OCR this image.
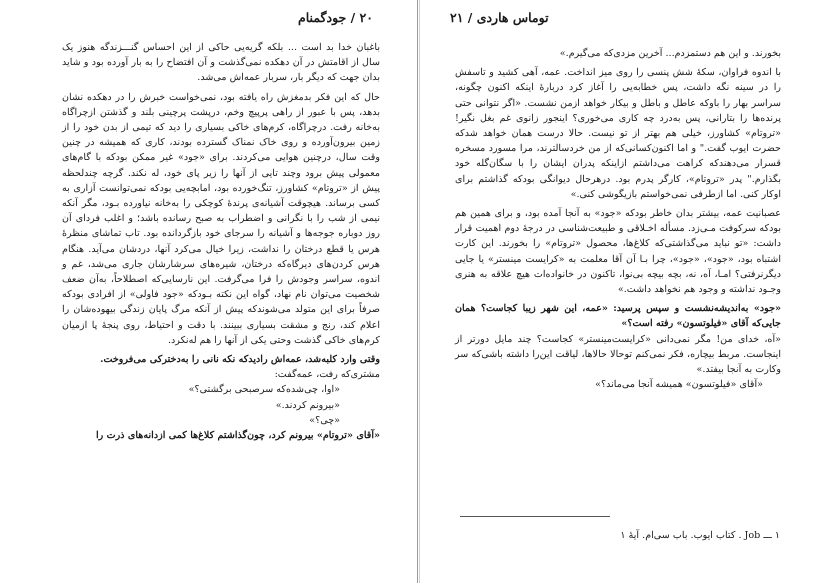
۲۰ / جودگمنام

باغبان خدا بد است ... بلکه گریه‌یی حاکی از این احساس گنـــزندگه هنوز یک سال از اقامتش در آن دهکده نمی‌گذشت و آن افتضاح را به بار آورده بود و شاید بدان جهت که دیگر بار، سربار عمه‌اش می‌شد.

حال که این فکر بدمغزش راه یافته بود، نمی‌خواست خبرش را در دهکده نشان بدهد، پس با عبور از راهی پرپیچ وخم، درپشت پرچینی بلند و گذشتن ازچراگاه به‌خانه رفت. درچراگاه، کرم‌های خاکی بسیاری را دید که تیمی از بدن خود را از زمین بیرون‌آورده و روی خاک نمناک گسترده بودند، کاری که همیشه در چنین وقت سال، درچنین هوایی می‌کردند. برای «جود» غیر ممکن بودکه با گام‌های معمولی پیش برود وچند تایی از آنها را زیر پای خود، له نکند. گرچه چندلحظه پیش از «تروتام» کشاورز، تنگ‌خورده بود، امابچه‌یی بودکه نمی‌توانست آزاری به کسی برساند. هیچوقت آشیانه‌ی پرندهٔ کوچکی را به‌خانه نیاورده بـود، مگر آنکه نیمی از شب را با نگرانی و اضطراب به صبح رسانده باشد؛ و اغلب فردای آن روز دوباره جوجه‌ها و آشیانه را سرجای خود بازگردانده بود. تاب تماشای منظرهٔ هرس یا قطع درختان را نداشت، زیرا خیال می‌کرد آنها، دردشان می‌آید. هنگام هرس کردن‌های دیرگاه‌که درختان، شیره‌های سرشارشان جاری می‌شد، غم و اندوه، سراسر وجودش را فرا می‌گرفت. این نارسایی‌که اصطلاحاً، به‌آن ضعف شخصیت می‌توان نام نهاد، گواه این نکته بـودکه «جود فاولی» از افرادی بودکه صرفاً برای این متولد می‌شوندکه پیش از آنکه مرگ پایان زندگی بیهوده‌شان را اعلام کند، رنج و مشقت بسیاری ببینند. با دقت و احتیاط، روی پنجهٔ پا ازمیان کرم‌های خاکی گذشت وحتی یکی از آنها را هم لەنکرد.

وقتی وارد کلبه‌شد، عمه‌اش رادیدکه نکه نانی را به‌دخترکی می‌فروخت.

مشتری‌که رفت، عمه‌گفت:

«اوا، چی‌شده‌که سرصبحی برگشتی؟»

«بیرونم کردند.»

«چی؟»

«آقای «تروتام» بیرونم کرد، چون‌گذاشتم کلاغ‌ها کمی ازدانه‌های ذرت را

توماس هاردی / ۲۱

بخورند. و این هم دستمزدم... آخرین مزدی‌که می‌گیرم.»

با اندوه فراوان، سکهٔ شش پنسی را روی میز انداخت. عمه، آهی کشید و تاسفش را در سینه نگه داشت، پس خطابه‌یی را آغاز کرد دربارهٔ اینکه اکنون چگونه، سراسر بهار را باوکه عاطل و باطل و بیکار خواهد ازمن نشست. «اگر نتوانی حتی پرنده‌ها را بتارانی، پس به‌درد چه کاری می‌خوری؟ اینجور زانوی غم بغل نگیر! «تروتام» کشاورز، خیلی هم بهتر از تو نیست. حالا درست همان خواهد شدکه حضرت ایوب گفت." و اما اکنون‌کسانی‌که از من خردسالترند، مرا مسورد مسخره قسرار می‌دهندکه کراهت می‌داشتم ازاینکه پدران ایشان را با سگان‌گله خود بگذارم." پدر «تروتام»، کارگر پدرم بود. درهرحال دیوانگی بودکه گذاشتم برای اوکار کنی. اما ازطرفی نمی‌خواستم بازیگوشی کنی.»

عصبانیت عمه، بیشتر بدان خاطر بودکه «جود» به آنجا آمده بود، و برای همین هم بودکه سرکوفت مـی‌زد. مسأله اخـلاقی و طبیعت‌شناسی در درجهٔ دوم اهمیت قرار داشت: «تو نباید می‌گذاشتی‌که کلاغ‌ها، محصول «تروتام» را بخورند. این کارت اشتباه بود، «جود»، «جود»، چرا بـا آن آقا معلمت به «کرایست مینستر» یا جایی دیگرنرفتی؟ امـا، آه، نه، بچه بیچه بی‌نوا، تاکنون در خانواده‌ات هیچ علاقه به هنری وجـود نداشته و وجود هم نخواهد داشت.»

«جود» به‌اندیشه‌نشست و سپس پرسید: «عمه، این شهر زیبا کجاست؟ همان جایی‌که آقای «فیلوتسون» رفته است؟»

«آه، خدای من! مگر نمی‌دانی «کرایست‌مینستر» کجاست؟ چند مایل دورتر از اینجاست. مربط بیچاره، فکر نمی‌کنم توحالا حالاها، لیاقت این‌را داشته باشی‌که سر وکارت به آنجا بیفتد.»

«آقای «فیلوتسون» همیشه آنجا می‌ماند؟»

۱ ـــ Job . کتاب ایوب. باب سی‌ام. آیهٔ ۱
